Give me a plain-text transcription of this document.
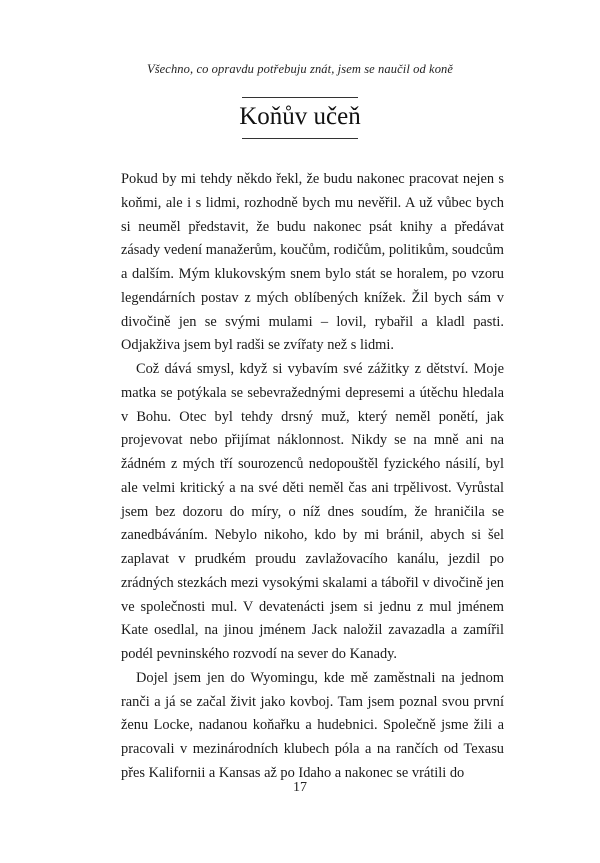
Všechno, co opravdu potřebuju znát, jsem se naučil od koně
Koňův učeň

Pokud by mi tehdy někdo řekl, že budu nakonec pracovat nejen s koňmi, ale i s lidmi, rozhodně bych mu nevěřil. A už vůbec bych si neuměl představit, že budu nakonec psát knihy a předávat zásady vedení manažerům, koučům, rodičům, politikům, soudcům a dalším. Mým klukovským snem bylo stát se horalem, po vzoru legendárních postav z mých oblíbených knížek. Žil bych sám v divočině jen se svými mulami – lovil, rybařil a kladl pasti. Odjakživa jsem byl radši se zvířaty než s lidmi.

Což dává smysl, když si vybavím své zážitky z dětství. Moje matka se potýkala se sebevražednými depresemi a útěchu hledala v Bohu. Otec byl tehdy drsný muž, který neměl ponětí, jak projevovat nebo přijímat náklonnost. Nikdy se na mně ani na žádném z mých tří sourozenců nedopouštěl fyzického násilí, byl ale velmi kritický a na své děti neměl čas ani trpělivost. Vyrůstal jsem bez dozoru do míry, o níž dnes soudím, že hraničila se zanedbáváním. Nebylo nikoho, kdo by mi bránil, abych si šel zaplavat v prudkém proudu zavlažovacího kanálu, jezdil po zrádných stezkách mezi vysokými skalami a tábořil v divočině jen ve společnosti mul. V devatenácti jsem si jednu z mul jménem Kate osedlal, na jinou jménem Jack naložil zavazadla a zamířil podél pevninského rozvodí na sever do Kanady.

Dojel jsem jen do Wyomingu, kde mě zaměstnali na jednom ranči a já se začal živit jako kovboj. Tam jsem poznal svou první ženu Locke, nadanou koňařku a hudebnici. Společně jsme žili a pracovali v mezinárodních klubech póla a na rančích od Texasu přes Kalifornii a Kansas až po Idaho a nakonec se vrátili do

17
